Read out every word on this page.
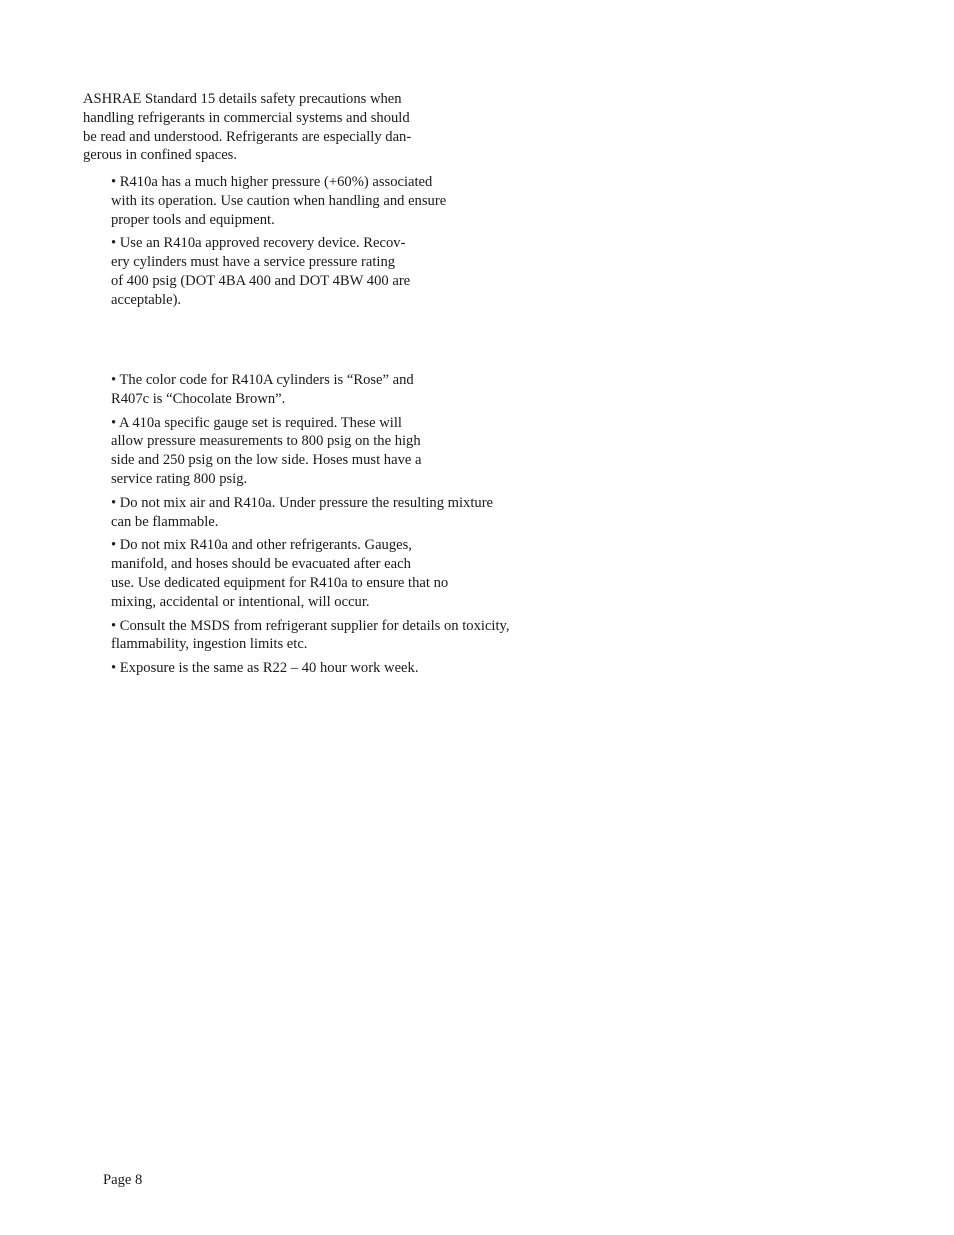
ASHRAE Standard 15 details safety precautions when
handling refrigerants in commercial systems and should
be read and understood. Refrigerants are especially dan-
gerous in confined spaces.

• R410a has a much higher pressure (+60%) associated
with its operation. Use caution when handling and ensure
proper tools and equipment.
• Use an R410a approved recovery device. Recov-
ery cylinders must have a service pressure rating
of 400 psig (DOT 4BA 400 and DOT 4BW 400 are
acceptable).
• The color code for R410A cylinders is “Rose” and
R407c is “Chocolate Brown”.
• A 410a specific gauge set is required. These will
allow pressure measurements to 800 psig on the high
side and 250 psig on the low side. Hoses must have a
service rating 800 psig.
• Do not mix air and R410a. Under pressure the resulting mixture
can be flammable.
• Do not mix R410a and other refrigerants. Gauges,
manifold, and hoses should be evacuated after each
use. Use dedicated equipment for R410a to ensure that no
mixing, accidental or intentional, will occur.
• Consult the MSDS from refrigerant supplier for details on toxicity,
flammability, ingestion limits etc.
• Exposure is the same as R22 – 40 hour work week.

Page 8
